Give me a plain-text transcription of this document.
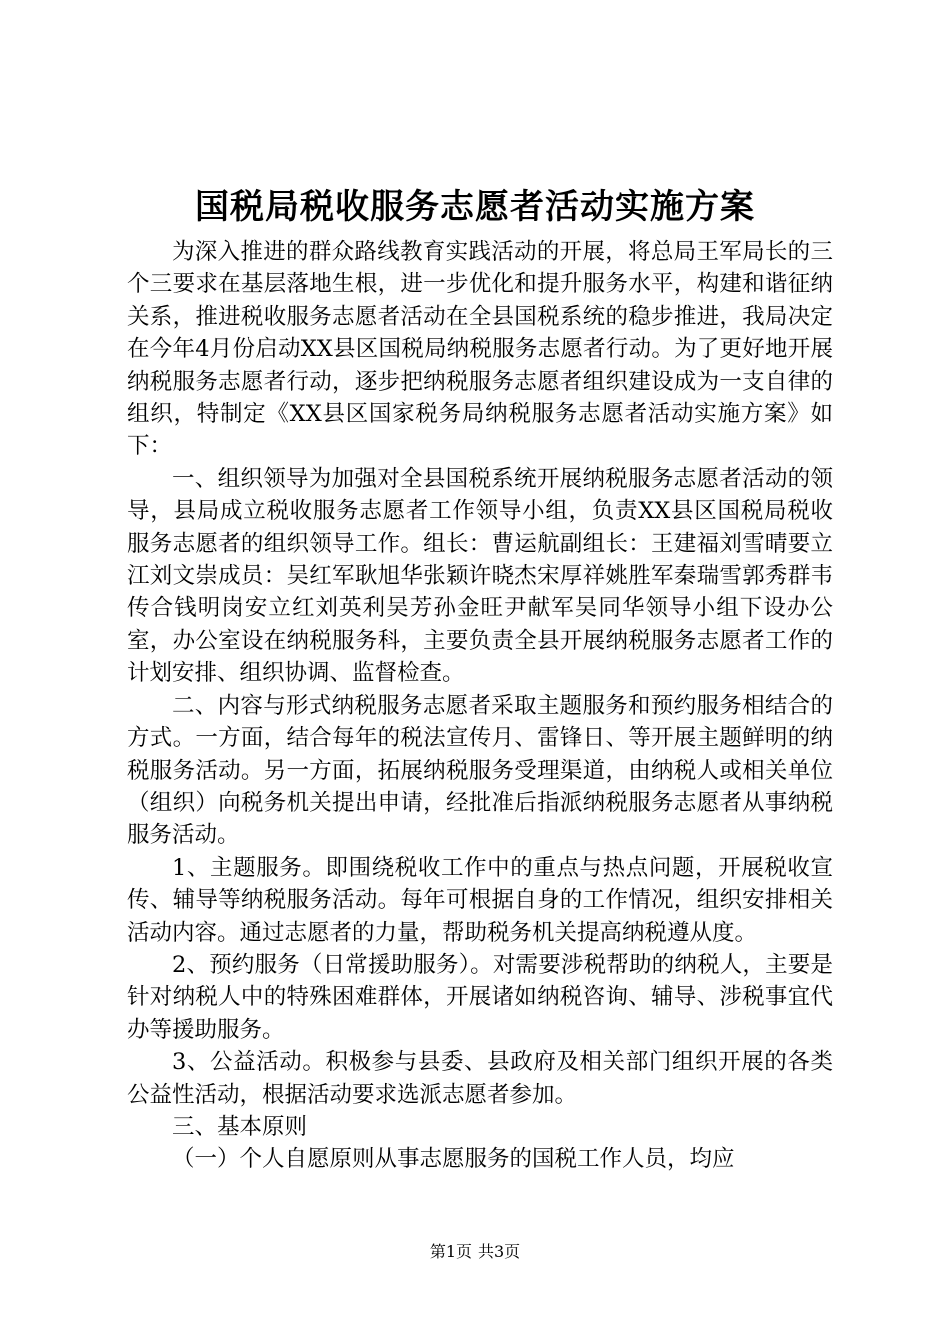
国税局税收服务志愿者活动实施方案

为深入推进的群众路线教育实践活动的开展，将总局王军局长的三个三要求在基层落地生根，进一步优化和提升服务水平，构建和谐征纳关系，推进税收服务志愿者活动在全县国税系统的稳步推进，我局决定在今年4月份启动XX县区国税局纳税服务志愿者行动。为了更好地开展纳税服务志愿者行动，逐步把纳税服务志愿者组织建设成为一支自律的组织，特制定《XX县区国家税务局纳税服务志愿者活动实施方案》如下：

一、组织领导为加强对全县国税系统开展纳税服务志愿者活动的领导，县局成立税收服务志愿者工作领导小组，负责XX县区国税局税收服务志愿者的组织领导工作。组长：曹运航副组长：王建福刘雪晴要立江刘文崇成员：吴红军耿旭华张颖许晓杰宋厚祥姚胜军秦瑞雪郭秀群韦传合钱明岗安立红刘英利吴芳孙金旺尹献军吴同华领导小组下设办公室，办公室设在纳税服务科，主要负责全县开展纳税服务志愿者工作的计划安排、组织协调、监督检查。

二、内容与形式纳税服务志愿者采取主题服务和预约服务相结合的方式。一方面，结合每年的税法宣传月、雷锋日、等开展主题鲜明的纳税服务活动。另一方面，拓展纳税服务受理渠道，由纳税人或相关单位（组织）向税务机关提出申请，经批准后指派纳税服务志愿者从事纳税服务活动。

1、主题服务。即围绕税收工作中的重点与热点问题，开展税收宣传、辅导等纳税服务活动。每年可根据自身的工作情况，组织安排相关活动内容。通过志愿者的力量，帮助税务机关提高纳税遵从度。

2、预约服务（日常援助服务）。对需要涉税帮助的纳税人，主要是针对纳税人中的特殊困难群体，开展诸如纳税咨询、辅导、涉税事宜代办等援助服务。

3、公益活动。积极参与县委、县政府及相关部门组织开展的各类公益性活动，根据活动要求选派志愿者参加。

三、基本原则

（一）个人自愿原则从事志愿服务的国税工作人员，均应

第1页 共3页
